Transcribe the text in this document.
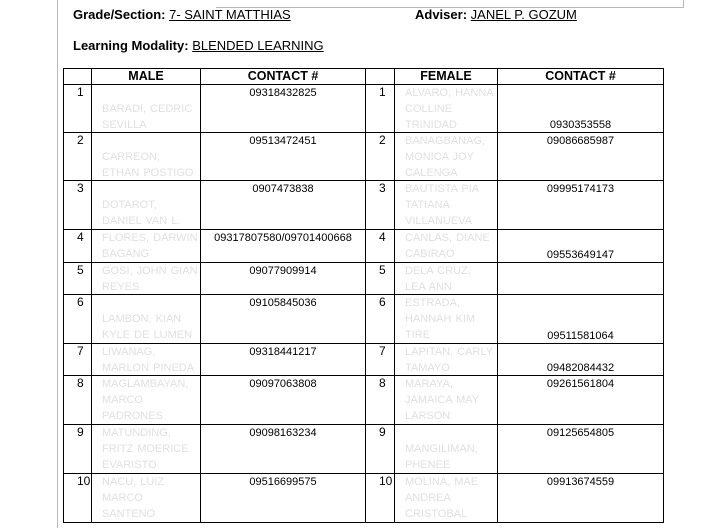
Grade/Section: 7- SAINT MATTHIAS	Adviser: JANEL P. GOZUM
Learning Modality: BLENDED LEARNING
	MALE	CONTACT #		FEMALE	CONTACT #
1	BARADI, CEDRIC SEVILLA	09318432825	1	ALVARO, HANNA COLLINE TRINIDAD	0930353558

2	CARREON, ETHAN POSTIGO	09513472451	2	BANAGBANAG, MONICA JOY CALENGA	09086685987

3	DOTAROT, DANIEL VAN L.	0907473838	3	BAUTISTA PIA TATIANA VILLANUEVA	09995174173

4	FLORES, DARWIN BAGANG	09317807580/09701400668	4	CANLAS, DIANE CABIRAO	09553649147

5	GOSI, JOHN GIAN REYES	09077909914	5	DELA CRUZ, LEA ANN	

6	LAMBON, KIAN KYLE DE LUMEN	09105845036	6	ESTRADA, HANNAH KIM TIRE	09511581064

7	LIWANAG, MARLON PINEDA	09318441217	7	LAPITAN, CARLY TAMAYO	09482084432

8	MAGLAMBAYAN, MARCO PADRONES	09097063808	8	MARAYA, JAMAICA MAY LARSON	09261561804

9	MATUNDING, FRITZ MOERICE EVARISTO	09098163234	9	MANGILIMAN, PHENEE	09125654805

10	NACU, LUIZ MARCO SANTENO	09516699575	10	MOLINA, MAE ANDREA CRISTOBAL	09913674559
